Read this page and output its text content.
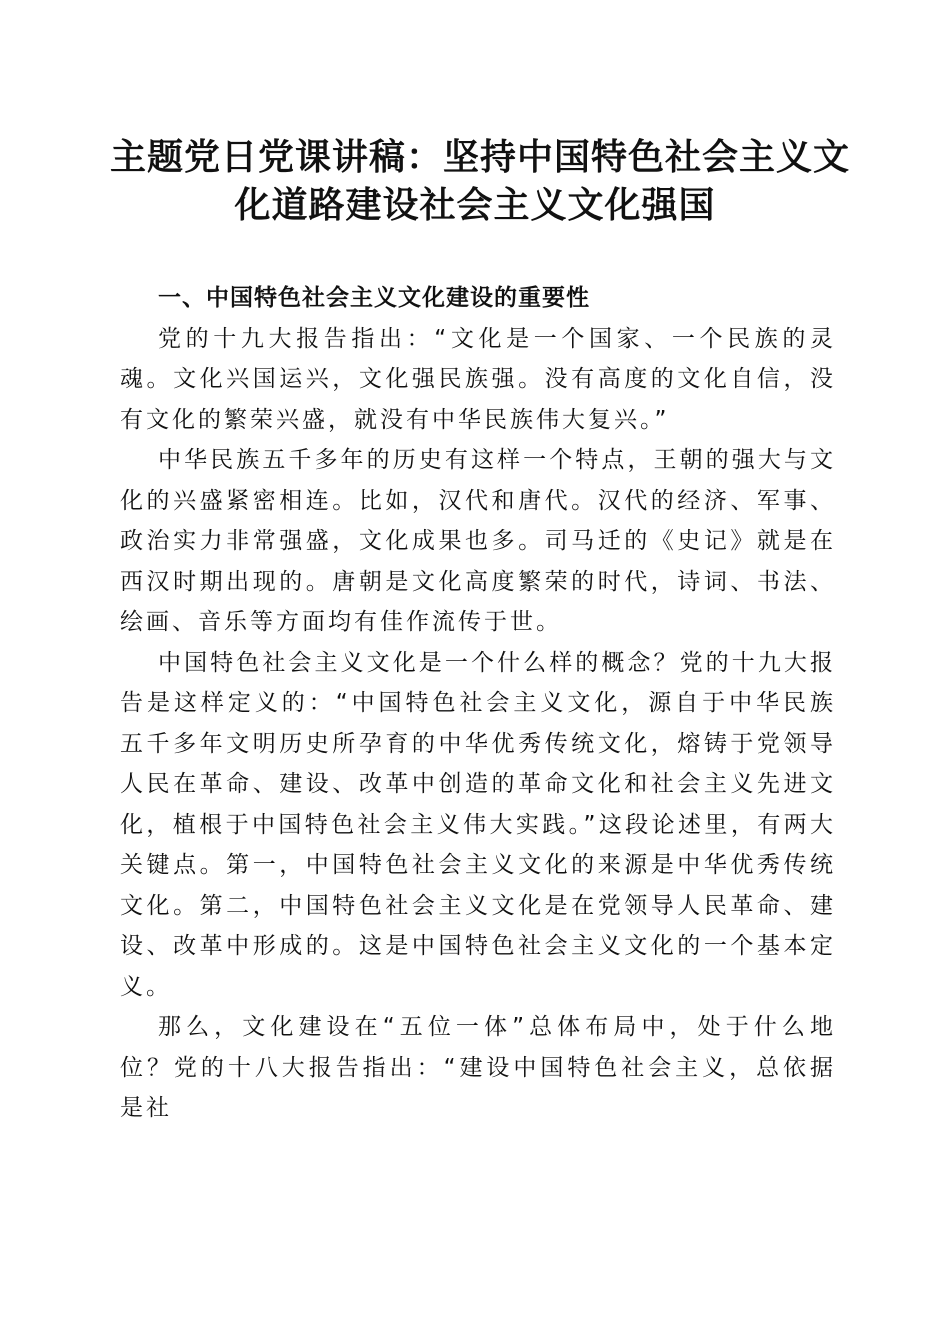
主题党日党课讲稿：坚持中国特色社会主义文
化道路建设社会主义文化强国

一、中国特色社会主义文化建设的重要性

党的十九大报告指出：“文化是一个国家、一个民族的灵魂。文化兴国运兴，文化强民族强。没有高度的文化自信，没有文化的繁荣兴盛，就没有中华民族伟大复兴。”

中华民族五千多年的历史有这样一个特点，王朝的强大与文化的兴盛紧密相连。比如，汉代和唐代。汉代的经济、军事、政治实力非常强盛，文化成果也多。司马迁的《史记》就是在西汉时期出现的。唐朝是文化高度繁荣的时代，诗词、书法、绘画、音乐等方面均有佳作流传于世。

中国特色社会主义文化是一个什么样的概念？党的十九大报告是这样定义的：“中国特色社会主义文化，源自于中华民族五千多年文明历史所孕育的中华优秀传统文化，熔铸于党领导人民在革命、建设、改革中创造的革命文化和社会主义先进文化，植根于中国特色社会主义伟大实践。”这段论述里，有两大关键点。第一，中国特色社会主义文化的来源是中华优秀传统文化。第二，中国特色社会主义文化是在党领导人民革命、建设、改革中形成的。这是中国特色社会主义文化的一个基本定义。

那么，文化建设在“五位一体”总体布局中，处于什么地位？党的十八大报告指出：“建设中国特色社会主义，总依据是社
